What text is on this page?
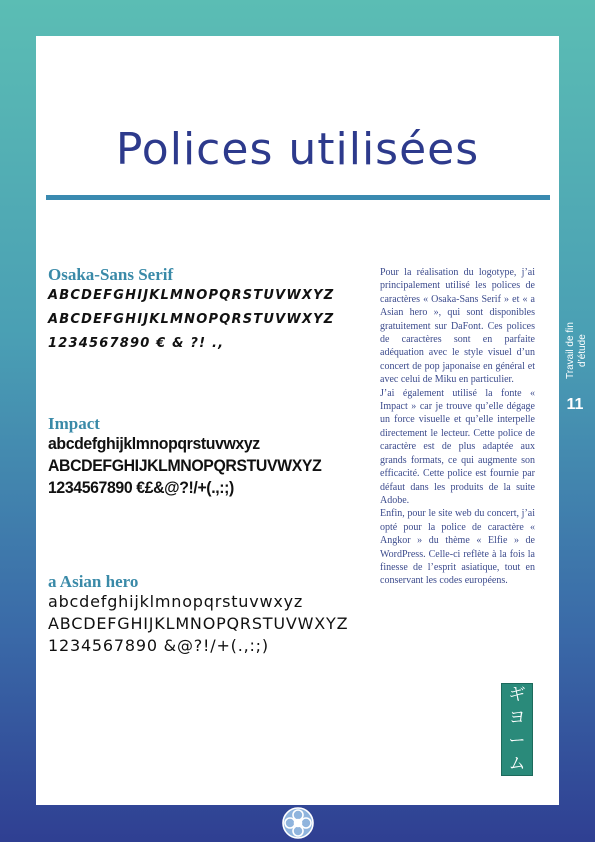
Polices utilisées
Osaka-Sans Serif
ABCDEFGHIJKLMNOPQRSTUVWXYZ
ABCDEFGHIJKLMNOPQRSTUVWXYZ
1234567890 € & ?! .,
Impact
abcdefghijklmnopqrstuvwxyz
ABCDEFGHIJKLMNOPQRSTUVWXYZ
1234567890 €£&@?!/+(.,:;)
a Asian hero
abcdefghijklmnopqrstuvwxyz
ABCDEFGHIJKLMNOPQRSTUVWXYZ
1234567890 &@?!/+(.,:;)

Pour la réalisation du logotype, j’ai principalement utilisé les polices de caractères « Osaka-Sans Serif » et « a Asian hero », qui sont disponibles gratuitement sur DaFont. Ces polices de caractères sont en parfaite adéquation avec le style visuel d’un concert de pop japonaise en général et avec celui de Miku en particulier.

J’ai également utilisé la fonte « Impact » car je trouve qu’elle dégage un force visuelle et qu’elle interpelle directement le lecteur. Cette police de caractère est de plus adaptée aux grands formats, ce qui augmente son efficacité. Cette police est fournie par défaut dans les produits de la suite Adobe.

Enfin, pour le site web du concert, j’ai opté pour la police de caractère « Angkor » du thème « Elfie » de WordPress. Celle-ci reflète à la fois la finesse de l’esprit asiatique, tout en conservant les codes européens.

ギ
ヨ
ー
ム
Travail de fin d’étude
11
